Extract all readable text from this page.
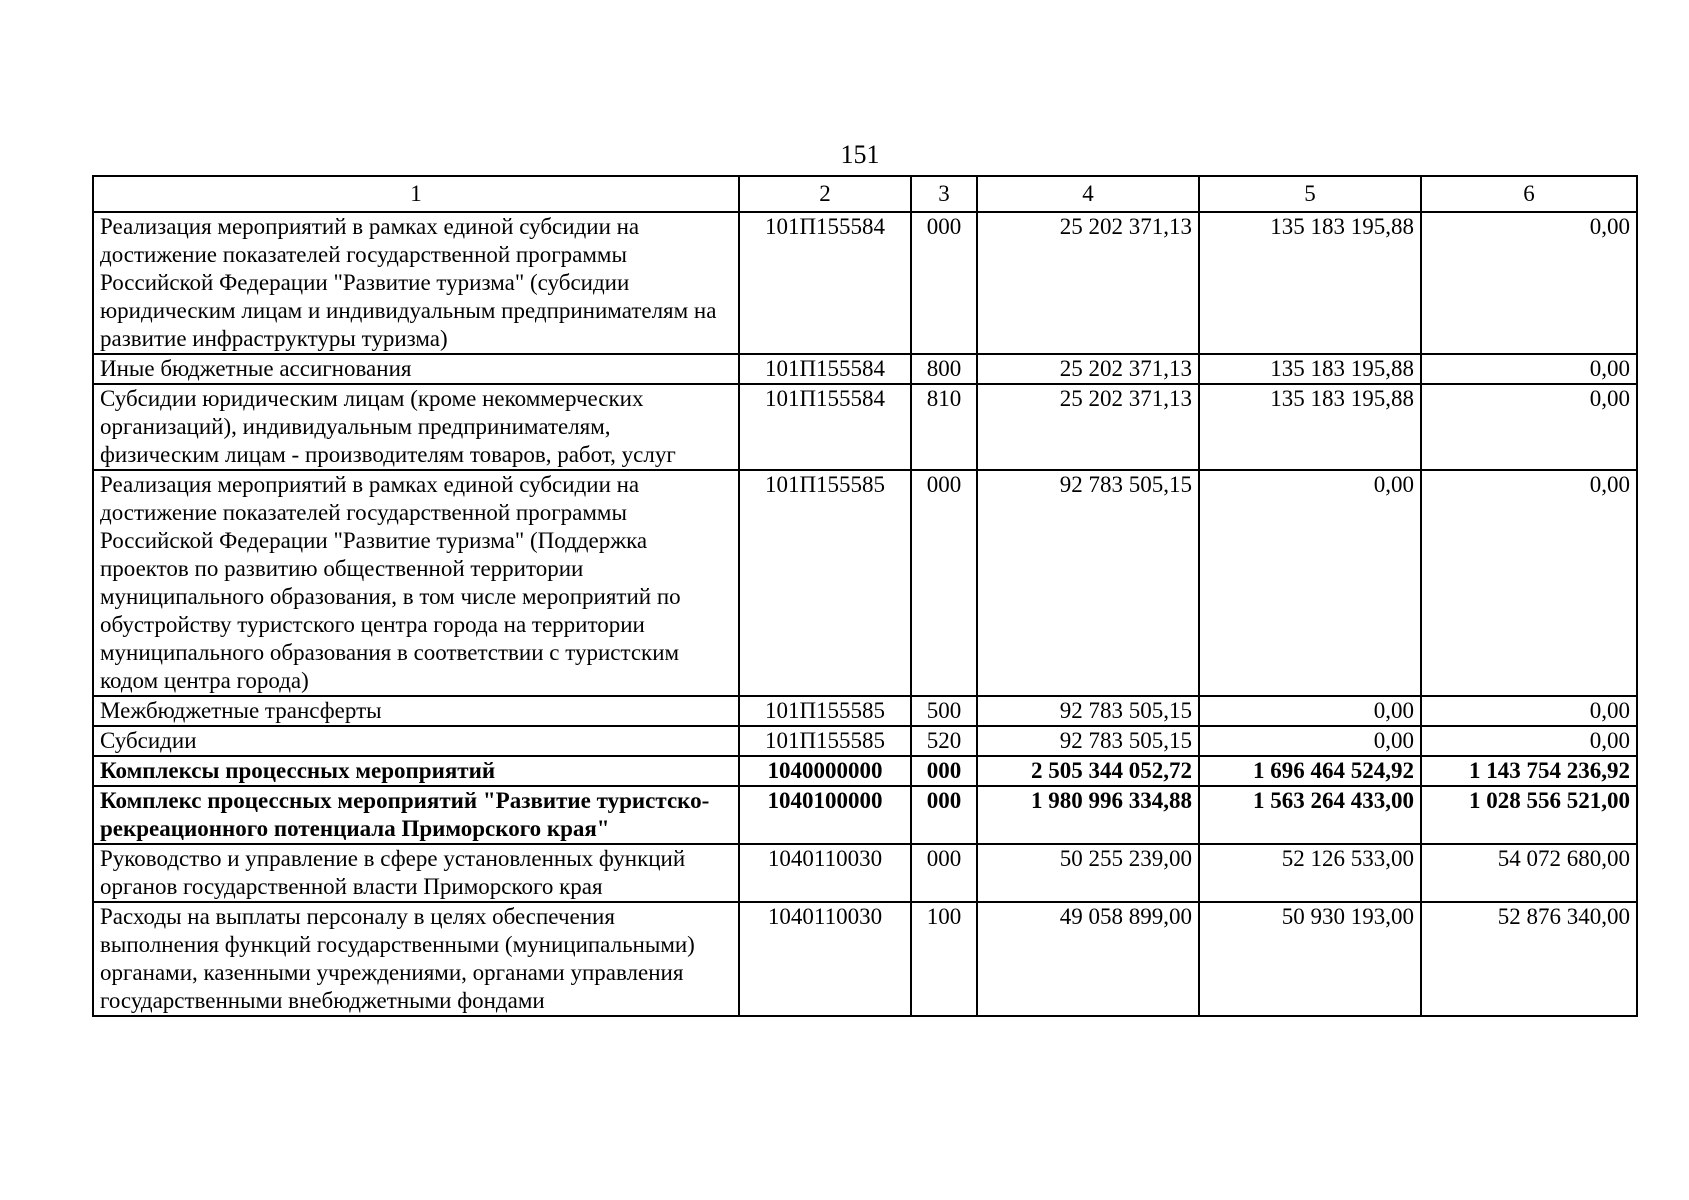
151
1	2	3	4	5	6
Реализация мероприятий в рамках единой субсидии на достижение показателей государственной программы Российской Федерации "Развитие туризма" (субсидии юридическим лицам и индивидуальным предпринимателям на развитие инфраструктуры туризма)	101П155584	000	25 202 371,13	135 183 195,88	0,00
Иные бюджетные ассигнования	101П155584	800	25 202 371,13	135 183 195,88	0,00
Субсидии юридическим лицам (кроме некоммерческих организаций), индивидуальным предпринимателям, физическим лицам - производителям товаров, работ, услуг	101П155584	810	25 202 371,13	135 183 195,88	0,00
Реализация мероприятий в рамках единой субсидии на достижение показателей государственной программы Российской Федерации "Развитие туризма" (Поддержка проектов по развитию общественной территории муниципального образования, в том числе мероприятий по обустройству туристского центра города на территории муниципального образования в соответствии с туристским кодом центра города)	101П155585	000	92 783 505,15	0,00	0,00
Межбюджетные трансферты	101П155585	500	92 783 505,15	0,00	0,00
Субсидии	101П155585	520	92 783 505,15	0,00	0,00
Комплексы процессных мероприятий	1040000000	000	2 505 344 052,72	1 696 464 524,92	1 143 754 236,92
Комплекс процессных мероприятий "Развитие туристско-рекреационного потенциала Приморского края"	1040100000	000	1 980 996 334,88	1 563 264 433,00	1 028 556 521,00
Руководство и управление в сфере установленных функций органов государственной власти Приморского края	1040110030	000	50 255 239,00	52 126 533,00	54 072 680,00
Расходы на выплаты персоналу в целях обеспечения выполнения функций государственными (муниципальными) органами, казенными учреждениями, органами управления государственными внебюджетными фондами	1040110030	100	49 058 899,00	50 930 193,00	52 876 340,00
